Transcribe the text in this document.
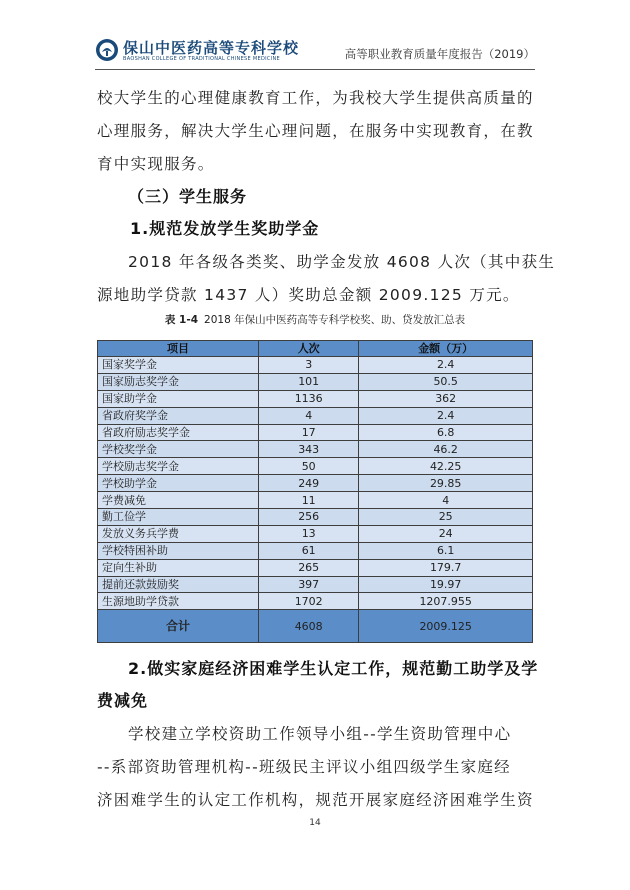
保山中医药高等专科学校
BAOSHAN COLLEGE OF TRADITIONAL CHINESE MEDICINE	高等职业教育质量年度报告（2019）
校大学生的心理健康教育工作，为我校大学生提供高质量的
心理服务，解决大学生心理问题，在服务中实现教育，在教
育中实现服务。
（三）学生服务
1.规范发放学生奖助学金
2018 年各级各类奖、助学金发放 4608 人次（其中获生
源地助学贷款 1437 人）奖助总金额 2009.125 万元。
表 1-4 2018 年保山中医药高等专科学校奖、助、贷发放汇总表
项目	人次	金额（万）
国家奖学金	3	2.4
国家励志奖学金	101	50.5
国家助学金	1136	362
省政府奖学金	4	2.4
省政府励志奖学金	17	6.8
学校奖学金	343	46.2
学校励志奖学金	50	42.25
学校助学金	249	29.85
学费减免	11	4
勤工俭学	256	25
发放义务兵学费	13	24
学校特困补助	61	6.1
定向生补助	265	179.7
提前还款鼓励奖	397	19.97
生源地助学贷款	1702	1207.955
合计	4608	2009.125
2.做实家庭经济困难学生认定工作，规范勤工助学及学
费减免
学校建立学校资助工作领导小组--学生资助管理中心
--系部资助管理机构--班级民主评议小组四级学生家庭经
济困难学生的认定工作机构，规范开展家庭经济困难学生资
14
